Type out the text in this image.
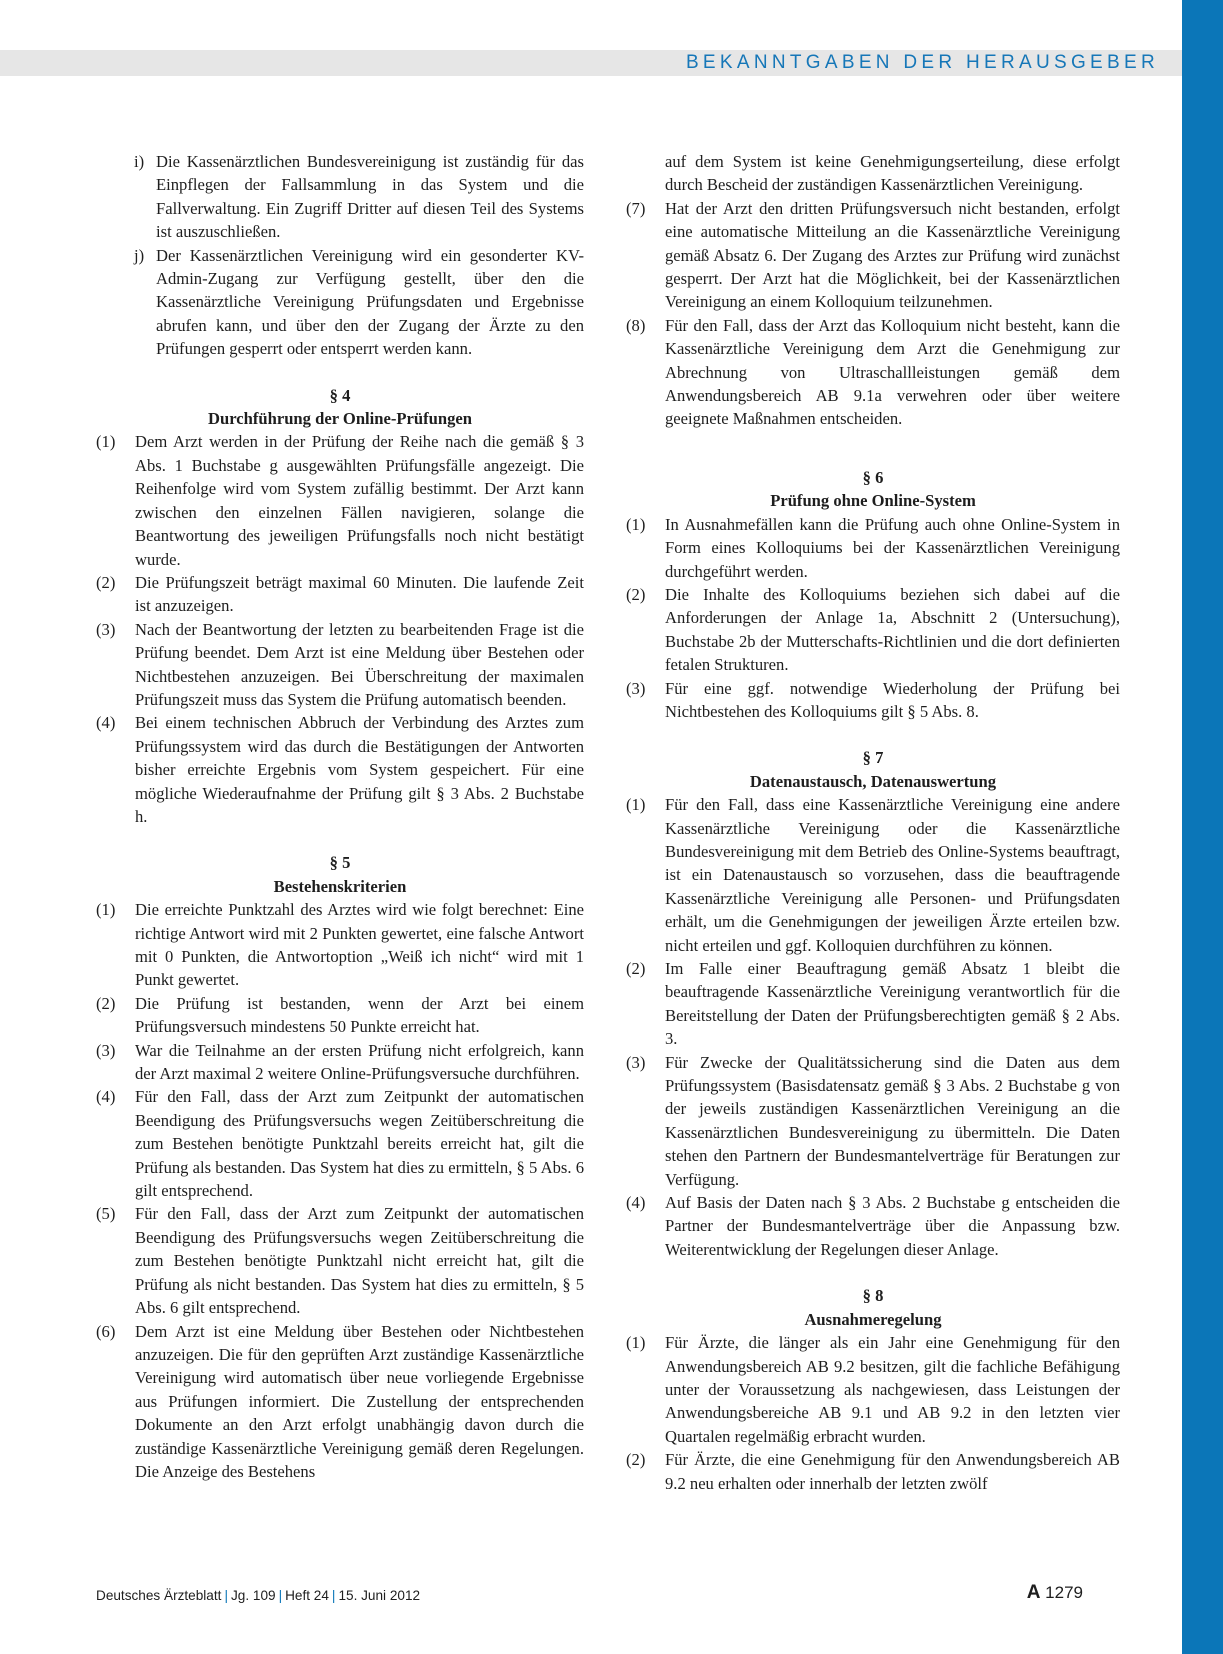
BEKANNTGABEN DER HERAUSGEBER
i) Die Kassenärztlichen Bundesvereinigung ist zuständig für das Einpflegen der Fallsammlung in das System und die Fallverwaltung. Ein Zugriff Dritter auf diesen Teil des Systems ist auszuschließen.
j) Der Kassenärztlichen Vereinigung wird ein gesonderter KV-Admin-Zugang zur Verfügung gestellt, über den die Kassenärztliche Vereinigung Prüfungsdaten und Ergebnisse abrufen kann, und über den der Zugang der Ärzte zu den Prüfungen gesperrt oder entsperrt werden kann.
§ 4
Durchführung der Online-Prüfungen
(1)	Dem Arzt werden in der Prüfung der Reihe nach die gemäß § 3 Abs. 1 Buchstabe g ausgewählten Prüfungsfälle angezeigt. Die Reihenfolge wird vom System zufällig bestimmt. Der Arzt kann zwischen den einzelnen Fällen navigieren, solange die Beantwortung des jeweiligen Prüfungsfalls noch nicht bestätigt wurde.
(2)	Die Prüfungszeit beträgt maximal 60 Minuten. Die laufende Zeit ist anzuzeigen.
(3)	Nach der Beantwortung der letzten zu bearbeitenden Frage ist die Prüfung beendet. Dem Arzt ist eine Meldung über Bestehen oder Nichtbestehen anzuzeigen. Bei Überschreitung der maximalen Prüfungszeit muss das System die Prüfung automatisch beenden.
(4)	Bei einem technischen Abbruch der Verbindung des Arztes zum Prüfungssystem wird das durch die Bestätigungen der Antworten bisher erreichte Ergebnis vom System gespeichert. Für eine mögliche Wiederaufnahme der Prüfung gilt § 3 Abs. 2 Buchstabe h.
§ 5
Bestehenskriterien
(1)	Die erreichte Punktzahl des Arztes wird wie folgt berechnet: Eine richtige Antwort wird mit 2 Punkten gewertet, eine falsche Antwort mit 0 Punkten, die Antwortoption „Weiß ich nicht“ wird mit 1 Punkt gewertet.
(2)	Die Prüfung ist bestanden, wenn der Arzt bei einem Prüfungsversuch mindestens 50 Punkte erreicht hat.
(3)	War die Teilnahme an der ersten Prüfung nicht erfolgreich, kann der Arzt maximal 2 weitere Online-Prüfungsversuche durchführen.
(4)	Für den Fall, dass der Arzt zum Zeitpunkt der automatischen Beendigung des Prüfungsversuchs wegen Zeitüberschreitung die zum Bestehen benötigte Punktzahl bereits erreicht hat, gilt die Prüfung als bestanden. Das System hat dies zu ermitteln, § 5 Abs. 6 gilt entsprechend.
(5)	Für den Fall, dass der Arzt zum Zeitpunkt der automatischen Beendigung des Prüfungsversuchs wegen Zeitüberschreitung die zum Bestehen benötigte Punktzahl nicht erreicht hat, gilt die Prüfung als nicht bestanden. Das System hat dies zu ermitteln, § 5 Abs. 6 gilt entsprechend.
(6)	Dem Arzt ist eine Meldung über Bestehen oder Nichtbestehen anzuzeigen. Die für den geprüften Arzt zuständige Kassenärztliche Vereinigung wird automatisch über neue vorliegende Ergebnisse aus Prüfungen informiert. Die Zustellung der entsprechenden Dokumente an den Arzt erfolgt unabhängig davon durch die zuständige Kassenärztliche Vereinigung gemäß deren Regelungen. Die Anzeige des Bestehens
auf dem System ist keine Genehmigungserteilung, diese erfolgt durch Bescheid der zuständigen Kassenärztlichen Vereinigung.
(7)	Hat der Arzt den dritten Prüfungsversuch nicht bestanden, erfolgt eine automatische Mitteilung an die Kassenärztliche Vereinigung gemäß Absatz 6. Der Zugang des Arztes zur Prüfung wird zunächst gesperrt. Der Arzt hat die Möglichkeit, bei der Kassenärztlichen Vereinigung an einem Kolloquium teilzunehmen.
(8)	Für den Fall, dass der Arzt das Kolloquium nicht besteht, kann die Kassenärztliche Vereinigung dem Arzt die Genehmigung zur Abrechnung von Ultraschallleistungen gemäß dem Anwendungsbereich AB 9.1a verwehren oder über weitere geeignete Maßnahmen entscheiden.
§ 6
Prüfung ohne Online-System
(1)	In Ausnahmefällen kann die Prüfung auch ohne Online-System in Form eines Kolloquiums bei der Kassenärztlichen Vereinigung durchgeführt werden.
(2)	Die Inhalte des Kolloquiums beziehen sich dabei auf die Anforderungen der Anlage 1a, Abschnitt 2 (Untersuchung), Buchstabe 2b der Mutterschafts-Richtlinien und die dort definierten fetalen Strukturen.
(3)	Für eine ggf. notwendige Wiederholung der Prüfung bei Nichtbestehen des Kolloquiums gilt § 5 Abs. 8.
§ 7
Datenaustausch, Datenauswertung
(1)	Für den Fall, dass eine Kassenärztliche Vereinigung eine andere Kassenärztliche Vereinigung oder die Kassenärztliche Bundesvereinigung mit dem Betrieb des Online-Systems beauftragt, ist ein Datenaustausch so vorzusehen, dass die beauftragende Kassenärztliche Vereinigung alle Personen- und Prüfungsdaten erhält, um die Genehmigungen der jeweiligen Ärzte erteilen bzw. nicht erteilen und ggf. Kolloquien durchführen zu können.
(2)	Im Falle einer Beauftragung gemäß Absatz 1 bleibt die beauftragende Kassenärztliche Vereinigung verantwortlich für die Bereitstellung der Daten der Prüfungsberechtigten gemäß § 2 Abs. 3.
(3)	Für Zwecke der Qualitätssicherung sind die Daten aus dem Prüfungssystem (Basisdatensatz gemäß § 3 Abs. 2 Buchstabe g von der jeweils zuständigen Kassenärztlichen Vereinigung an die Kassenärztlichen Bundesvereinigung zu übermitteln. Die Daten stehen den Partnern der Bundesmantelverträge für Beratungen zur Verfügung.
(4)	Auf Basis der Daten nach § 3 Abs. 2 Buchstabe g entscheiden die Partner der Bundesmantelverträge über die Anpassung bzw. Weiterentwicklung der Regelungen dieser Anlage.
§ 8
Ausnahmeregelung
(1)	Für Ärzte, die länger als ein Jahr eine Genehmigung für den Anwendungsbereich AB 9.2 besitzen, gilt die fachliche Befähigung unter der Voraussetzung als nachgewiesen, dass Leistungen der Anwendungsbereiche AB 9.1 und AB 9.2 in den letzten vier Quartalen regelmäßig erbracht wurden.
(2)	Für Ärzte, die eine Genehmigung für den Anwendungsbereich AB 9.2 neu erhalten oder innerhalb der letzten zwölf
Deutsches Ärzteblatt | Jg. 109 | Heft 24 | 15. Juni 2012	A 1279
